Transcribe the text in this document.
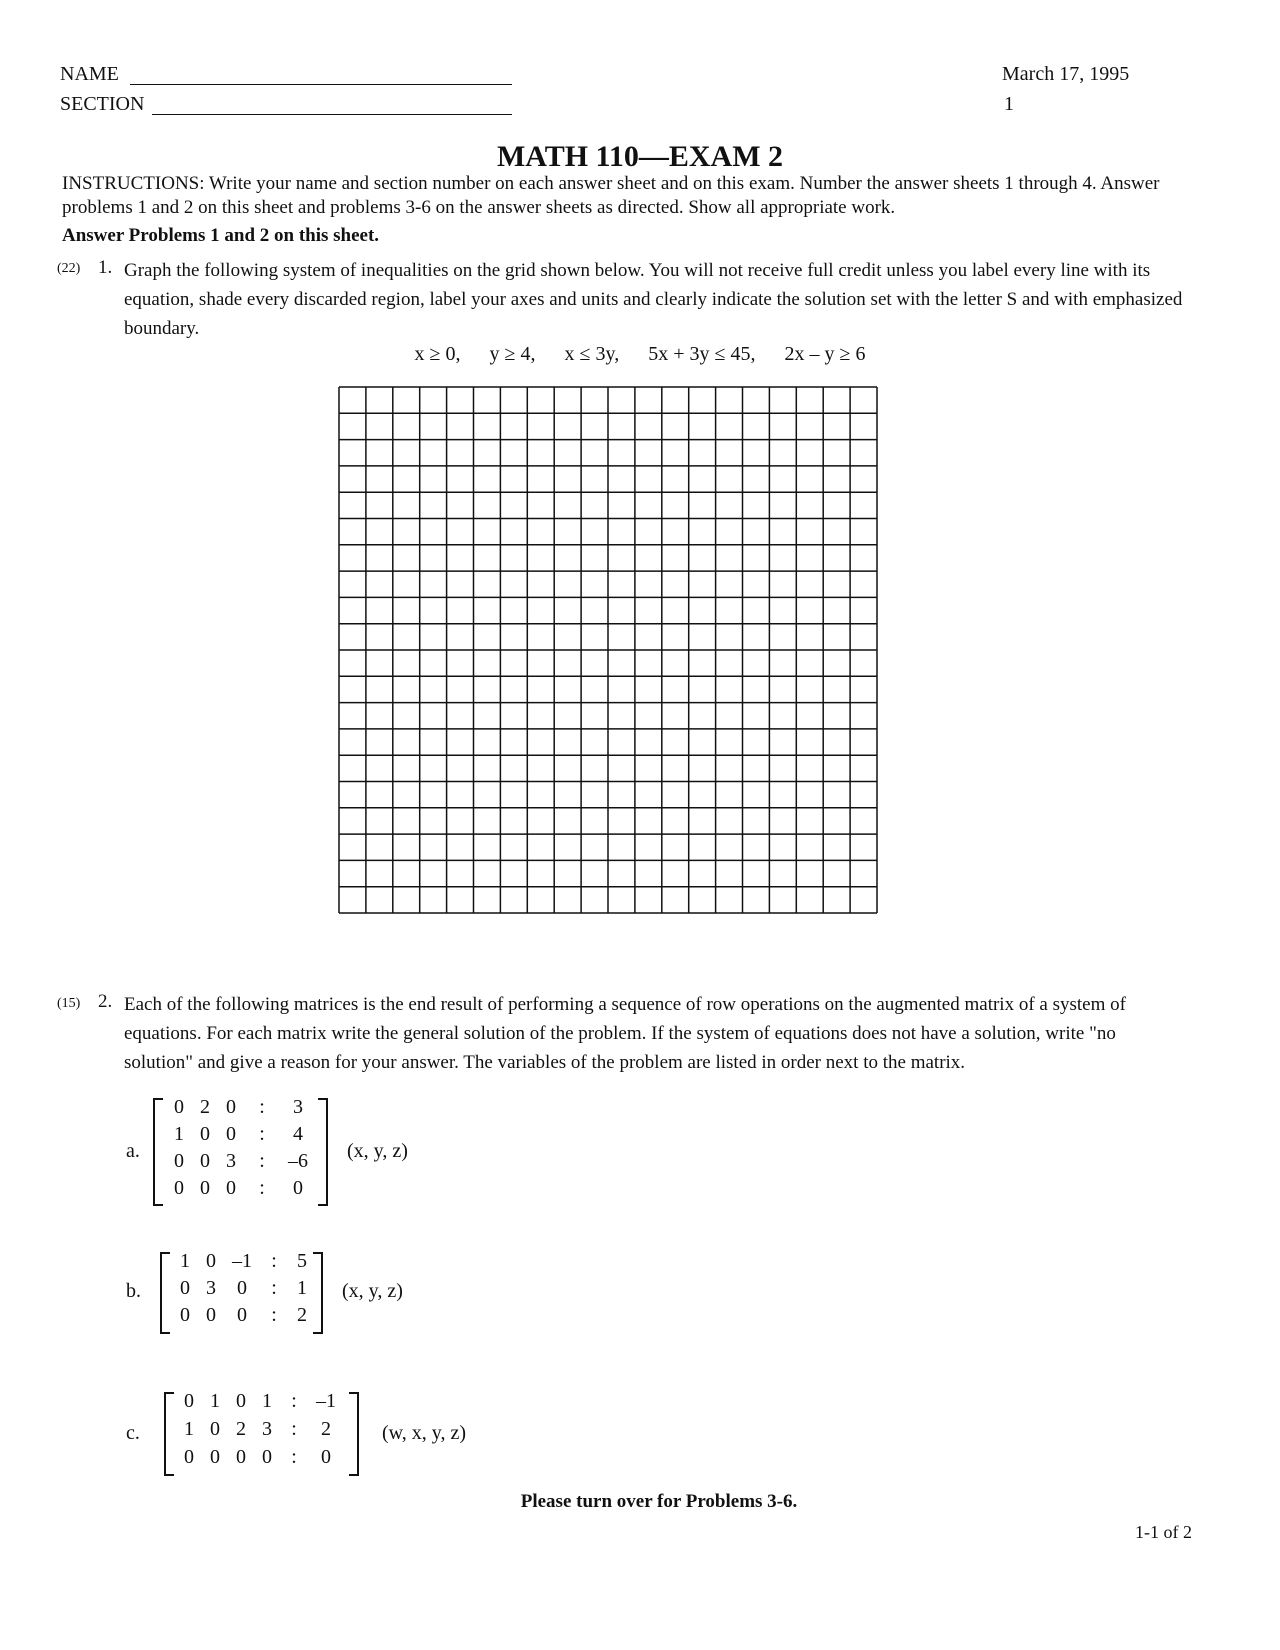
NAME
SECTION
March 17, 1995
1
MATH 110—EXAM 2
INSTRUCTIONS: Write your name and section number on each answer sheet and on this exam. Number the answer sheets 1 through 4. Answer problems 1 and 2 on this sheet and problems 3-6 on the answer sheets as directed. Show all appropriate work.
Answer Problems 1 and 2 on this sheet.
(22) 1. Graph the following system of inequalities on the grid shown below. You will not receive full credit unless you label every line with its equation, shade every discarded region, label your axes and units and clearly indicate the solution set with the letter S and with emphasized boundary.
x ≥ 0, y ≥ 4, x ≤ 3y, 5x + 3y ≤ 45, 2x – y ≥ 6
(15) 2. Each of the following matrices is the end result of performing a sequence of row operations on the augmented matrix of a system of equations. For each matrix write the general solution of the problem. If the system of equations does not have a solution, write "no solution" and give a reason for your answer. The variables of the problem are listed in order next to the matrix.
a.
0 2 0	:	3
1 0 0	:	4
0 0 3	:	–6
0 0 0	:	0
(x, y, z)
b.
1 0 –1 :	5
0 3	0	:	1
0 0	0	:	2
(x, y, z)
c.
0 1 0 1 : –1
1 0 2 3 :	2
0 0 0 0 :	0
(w, x, y, z)
Please turn over for Problems 3-6.
1-1 of 2
